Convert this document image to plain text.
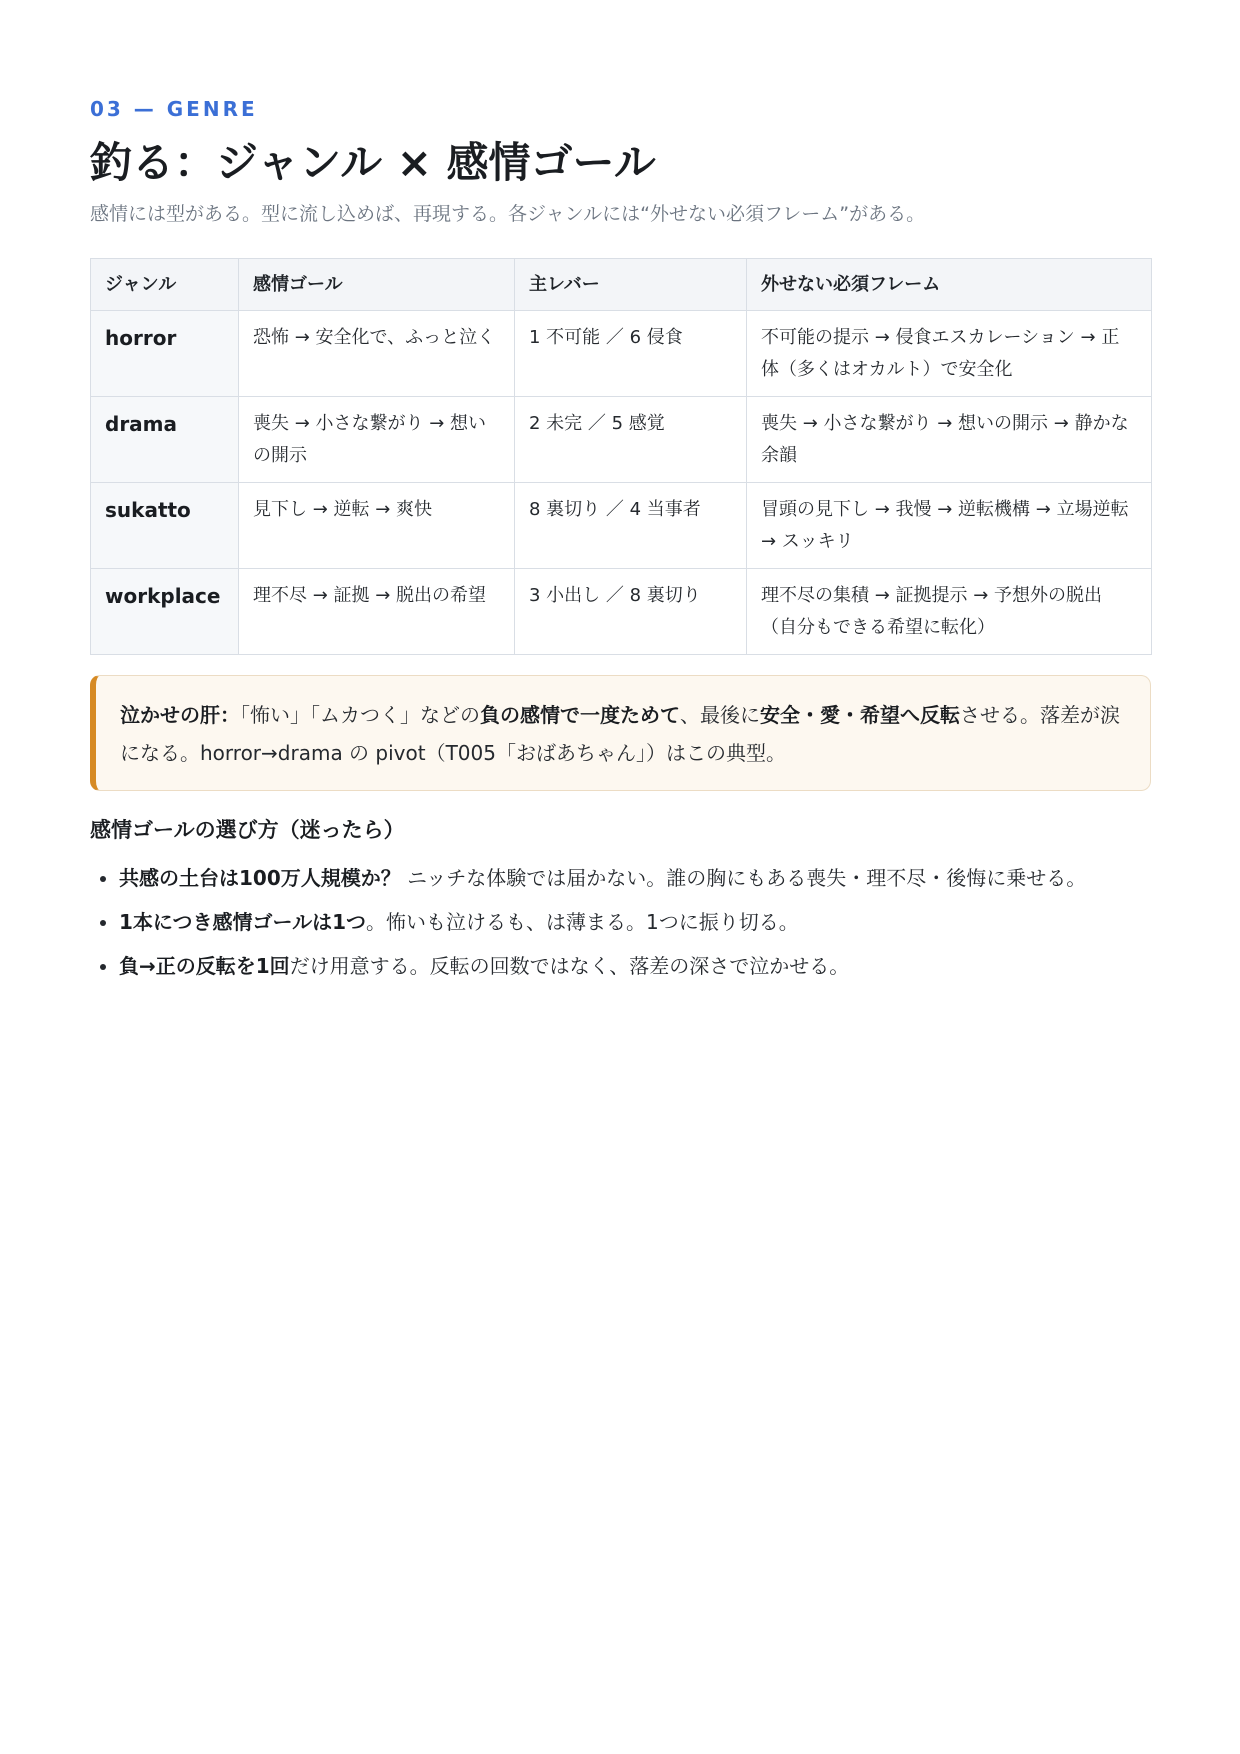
03 — GENRE

釣る：ジャンル × 感情ゴール

感情には型がある。型に流し込めば、再現する。各ジャンルには“外せない必須フレーム”がある。

ジャンル	感情ゴール	主レバー	外せない必須フレーム
horror	恐怖 → 安全化で、ふっと泣く	1 不可能 ／ 6 侵食	不可能の提示 → 侵食エスカレーション → 正体（多くはオカルト）で安全化
drama	喪失 → 小さな繋がり → 想いの開示	2 未完 ／ 5 感覚	喪失 → 小さな繋がり → 想いの開示 → 静かな余韻
sukatto	見下し → 逆転 → 爽快	8 裏切り ／ 4 当事者	冒頭の見下し → 我慢 → 逆転機構 → 立場逆転 → スッキリ
workplace	理不尽 → 証拠 → 脱出の希望	3 小出し ／ 8 裏切り	理不尽の集積 → 証拠提示 → 予想外の脱出（自分もできる希望に転化）
泣かせの肝：「怖い」「ムカつく」などの負の感情で一度ためて、最後に安全・愛・希望へ反転させる。落差が涙になる。horror→drama の pivot（T005「おばあちゃん」）はこの典型。
感情ゴールの選び方（迷ったら）
• 共感の土台は100万人規模か？ ニッチな体験では届かない。誰の胸にもある喪失・理不尽・後悔に乗せる。
• 1本につき感情ゴールは1つ。怖いも泣けるも、は薄まる。1つに振り切る。
• 負→正の反転を1回だけ用意する。反転の回数ではなく、落差の深さで泣かせる。
